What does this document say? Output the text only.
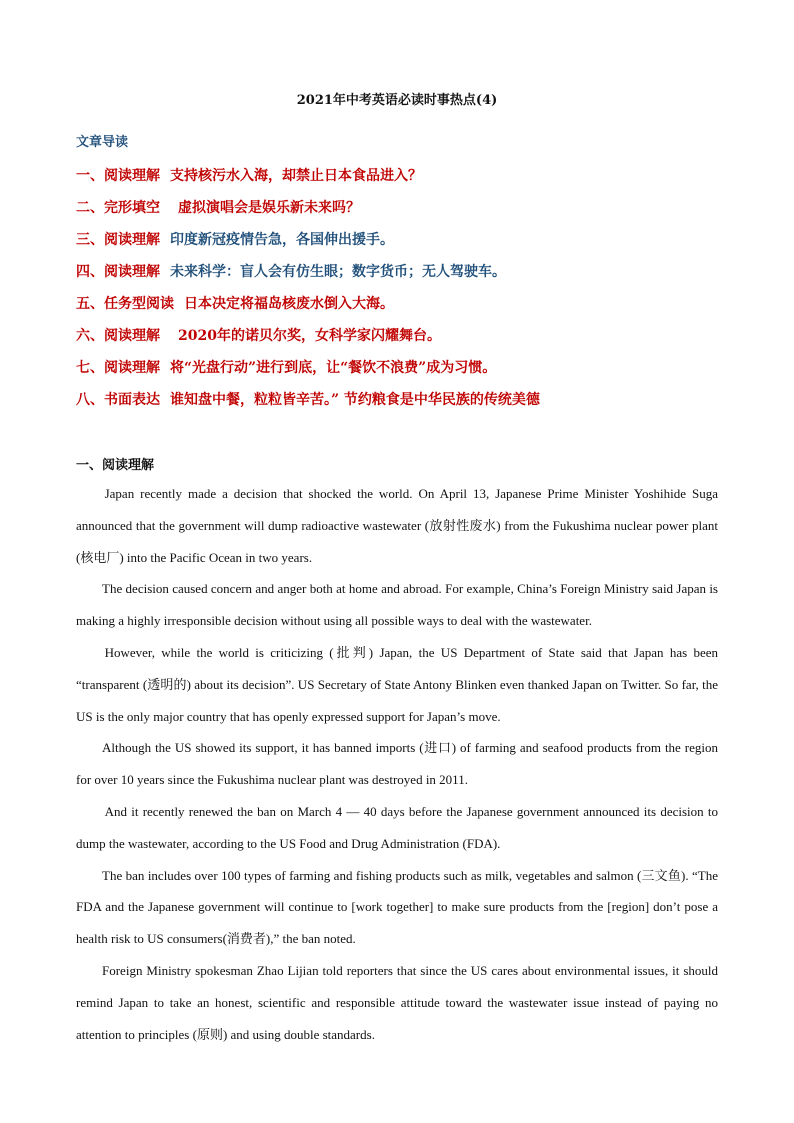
2021年中考英语必读时事热点(4)
文章导读
一、阅读理解 支持核污水入海，却禁止日本食品进入？
二、完形填空 虚拟演唱会是娱乐新未来吗？
三、阅读理解 印度新冠疫情告急，各国伸出援手。
四、阅读理解 未来科学：盲人会有仿生眼；数字货币；无人驾驶车。
五、任务型阅读 日本决定将福岛核废水倒入大海。
六、阅读理解 2020年的诺贝尔奖，女科学家闪耀舞台。
七、阅读理解 将“光盘行动”进行到底，让“餐饮不浪费”成为习惯。
八、书面表达 谁知盘中餐，粒粒皆辛苦。” 节约粮食是中华民族的传统美德
一、阅读理解

Japan recently made a decision that shocked the world. On April 13, Japanese Prime Minister Yoshihide Suga announced that the government will dump radioactive wastewater (放射性废水) from the Fukushima nuclear power plant (核电厂) into the Pacific Ocean in two years.

The decision caused concern and anger both at home and abroad. For example, China’s Foreign Ministry said Japan is making a highly irresponsible decision without using all possible ways to deal with the wastewater.

However, while the world is criticizing (批判) Japan, the US Department of State said that Japan has been “transparent (透明的) about its decision”. US Secretary of State Antony Blinken even thanked Japan on Twitter. So far, the US is the only major country that has openly expressed support for Japan’s move.

Although the US showed its support, it has banned imports (进口) of farming and seafood products from the region for over 10 years since the Fukushima nuclear plant was destroyed in 2011.

And it recently renewed the ban on March 4 — 40 days before the Japanese government announced its decision to dump the wastewater, according to the US Food and Drug Administration (FDA).

The ban includes over 100 types of farming and fishing products such as milk, vegetables and salmon (三文鱼). “The FDA and the Japanese government will continue to [work together] to make sure products from the [region] don’t pose a health risk to US consumers(消费者),” the ban noted.

Foreign Ministry spokesman Zhao Lijian told reporters that since the US cares about environmental issues, it should remind Japan to take an honest, scientific and responsible attitude toward the wastewater issue instead of paying no attention to principles (原则) and using double standards.
